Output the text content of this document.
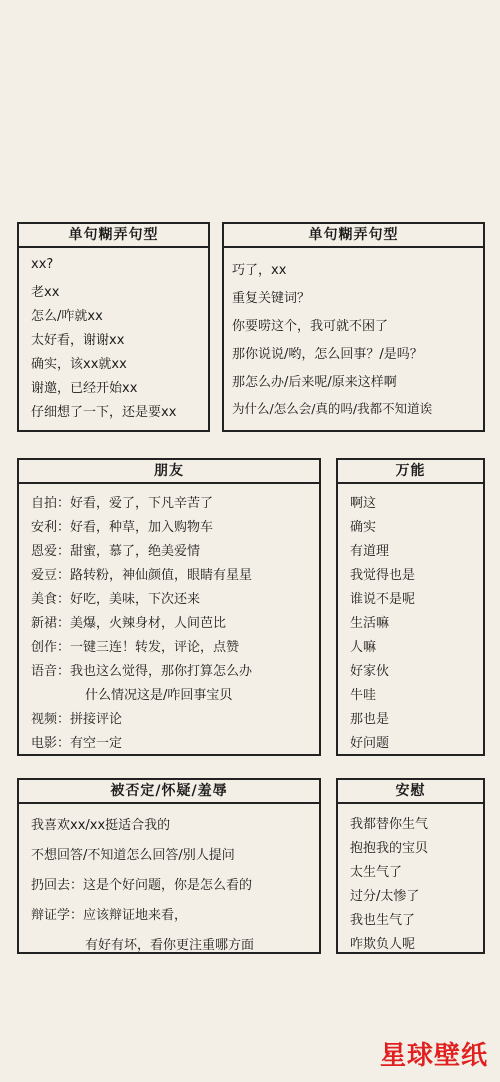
单句糊弄句型
xx?
老xx
怎么/咋就xx
太好看，谢谢xx
确实，该xx就xx
谢邀，已经开始xx
仔细想了一下，还是要xx
单句糊弄句型
巧了，xx
重复关键词？
你要唠这个，我可就不困了
那你说说/哟，怎么回事？/是吗？
那怎么办/后来呢/原来这样啊
为什么/怎么会/真的吗/我都不知道诶
朋友
自拍：好看，爱了，下凡辛苦了
安利：好看，种草，加入购物车
恩爱：甜蜜，慕了，绝美爱情
爱豆：路转粉，神仙颜值，眼睛有星星
美食：好吃，美味，下次还来
新裙：美爆，火辣身材，人间芭比
创作：一键三连！转发，评论，点赞
语音：我也这么觉得，那你打算怎么办
什么情况这是/咋回事宝贝
视频：拼接评论
电影：有空一定
万能
啊这
确实
有道理
我觉得也是
谁说不是呢
生活嘛
人嘛
好家伙
牛哇
那也是
好问题
被否定/怀疑/羞辱
我喜欢xx/xx挺适合我的
不想回答/不知道怎么回答/别人提问
扔回去：这是个好问题，你是怎么看的
辩证学：应该辩证地来看，
有好有坏，看你更注重哪方面
安慰
我都替你生气
抱抱我的宝贝
太生气了
过分/太惨了
我也生气了
咋欺负人呢
星球壁纸
